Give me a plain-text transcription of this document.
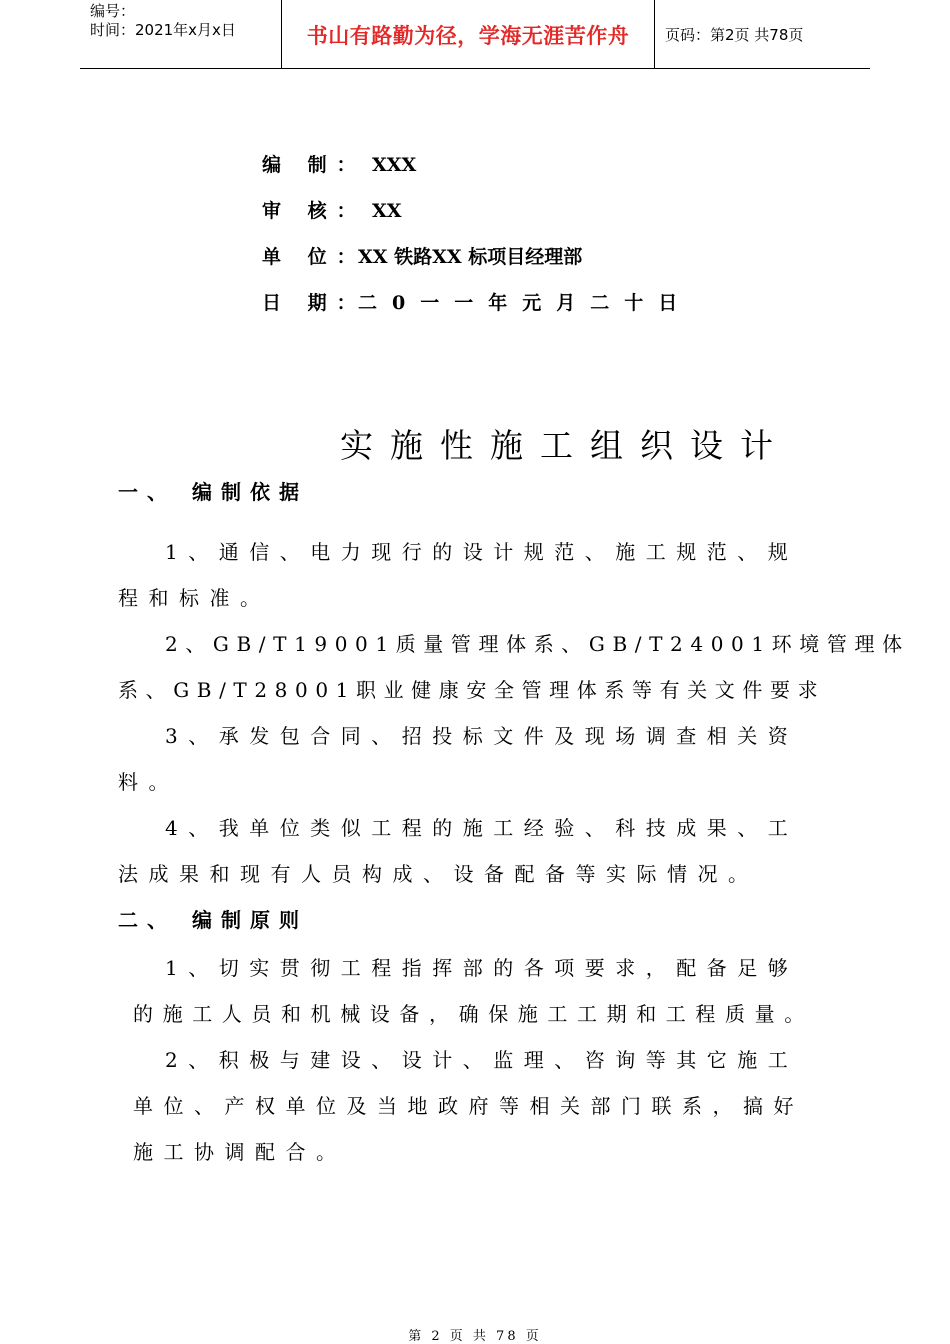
编号：
时间：2021年x月x日	书山有路勤为径，学海无涯苦作舟	页码：第2页 共78页
编 制： XXX
审 核： XX
单 位：XX 铁路XX 标项目经理部
日 期：二0一一年元月二十日
实施性施工组织设计
一、 编制依据
1、通信、电力现行的设计规范、施工规范、规
程和标准。
2、GB/T19001质量管理体系、GB/T24001环境管理体
系、GB/T28001职业健康安全管理体系等有关文件要求
3、承发包合同、招投标文件及现场调查相关资
料。
4、我单位类似工程的施工经验、科技成果、工
法成果和现有人员构成、设备配备等实际情况。
二、 编制原则
1、切实贯彻工程指挥部的各项要求，配备足够
的施工人员和机械设备，确保施工工期和工程质量。
2、积极与建设、设计、监理、咨询等其它施工
单位、产权单位及当地政府等相关部门联系，搞好
施工协调配合。
第 2 页 共 78 页
